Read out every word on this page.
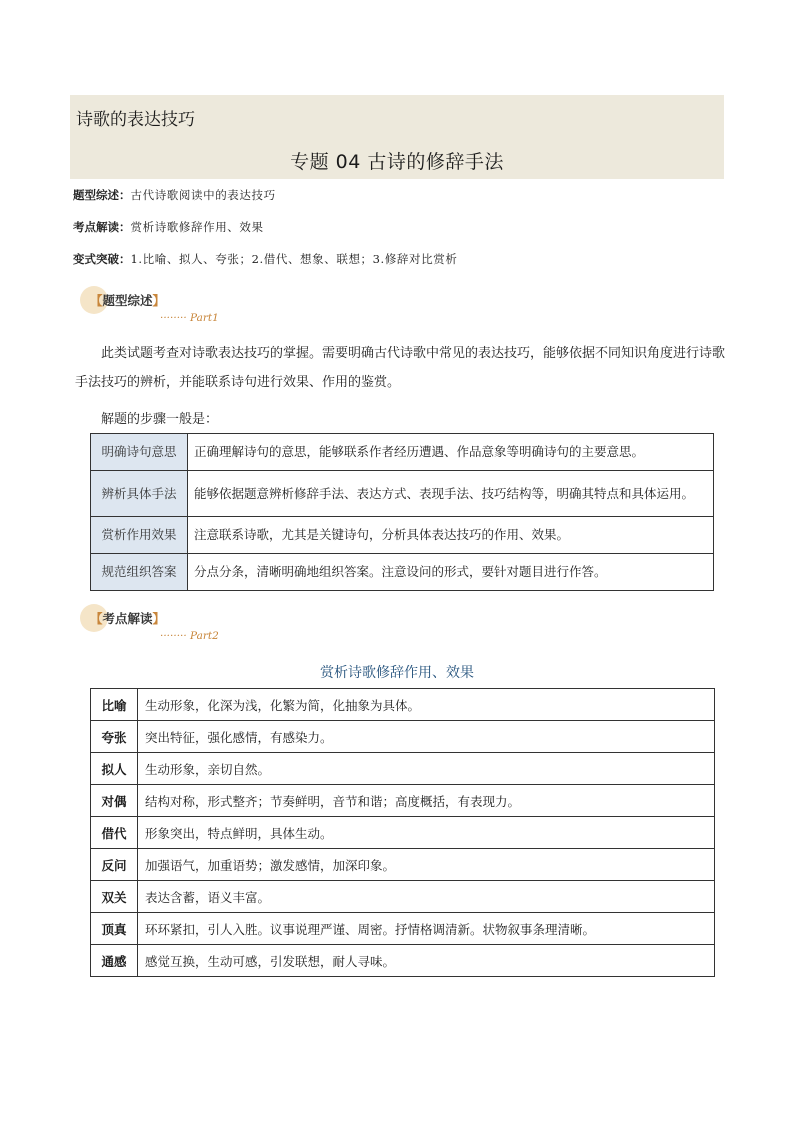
诗歌的表达技巧
专题 04 古诗的修辞手法
题型综述：古代诗歌阅读中的表达技巧
考点解读：赏析诗歌修辞作用、效果
变式突破：1.比喻、拟人、夸张；2.借代、想象、联想；3.修辞对比赏析
【题型综述】
········ Part1

此类试题考查对诗歌表达技巧的掌握。需要明确古代诗歌中常见的表达技巧，能够依据不同知识角度进行诗歌手法技巧的辨析，并能联系诗句进行效果、作用的鉴赏。

解题的步骤一般是：
明确诗句意思	正确理解诗句的意思，能够联系作者经历遭遇、作品意象等明确诗句的主要意思。
辨析具体手法	能够依据题意辨析修辞手法、表达方式、表现手法、技巧结构等，明确其特点和具体运用。
赏析作用效果	注意联系诗歌，尤其是关键诗句，分析具体表达技巧的作用、效果。
规范组织答案	分点分条，清晰明确地组织答案。注意设问的形式，要针对题目进行作答。
【考点解读】
········ Part2
赏析诗歌修辞作用、效果
比喻	生动形象，化深为浅，化繁为简，化抽象为具体。
夸张	突出特征，强化感情，有感染力。
拟人	生动形象，亲切自然。
对偶	结构对称，形式整齐；节奏鲜明，音节和谐；高度概括，有表现力。
借代	形象突出，特点鲜明，具体生动。
反问	加强语气，加重语势；激发感情，加深印象。
双关	表达含蓄，语义丰富。
顶真	环环紧扣，引人入胜。议事说理严谨、周密。抒情格调清新。状物叙事条理清晰。
通感	感觉互换，生动可感，引发联想，耐人寻味。
